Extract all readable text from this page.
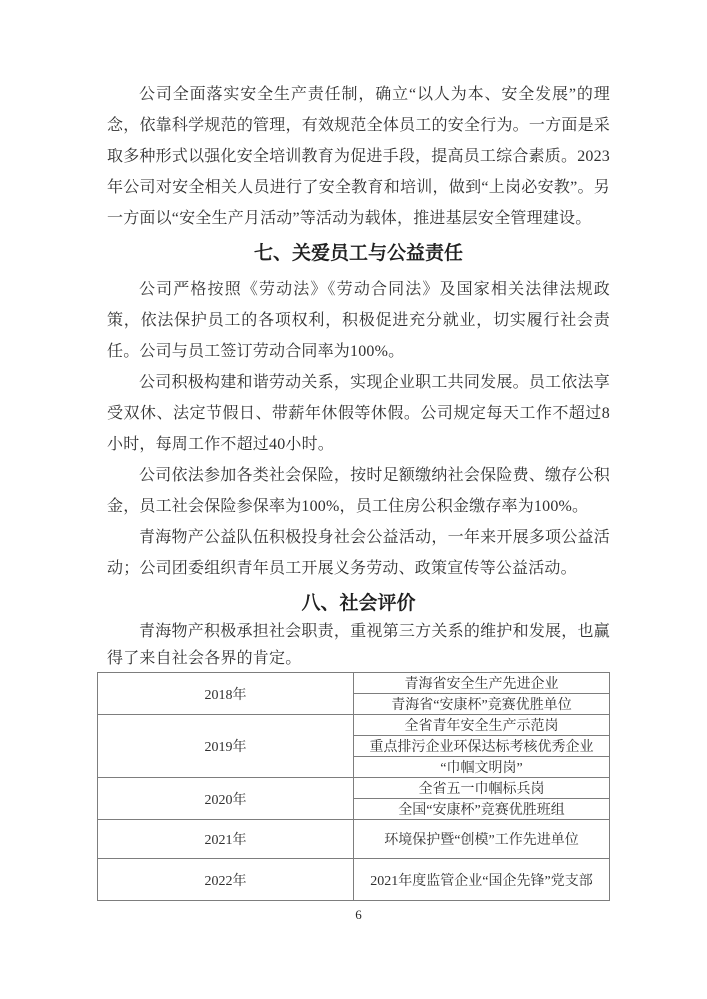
公司全面落实安全生产责任制，确立“以人为本、安全发展”的理念，依靠科学规范的管理，有效规范全体员工的安全行为。一方面是采取多种形式以强化安全培训教育为促进手段，提高员工综合素质。2023年公司对安全相关人员进行了安全教育和培训，做到“上岗必安教”。另一方面以“安全生产月活动”等活动为载体，推进基层安全管理建设。

七、关爱员工与公益责任

公司严格按照《劳动法》《劳动合同法》及国家相关法律法规政策，依法保护员工的各项权利，积极促进充分就业，切实履行社会责任。公司与员工签订劳动合同率为100%。

公司积极构建和谐劳动关系，实现企业职工共同发展。员工依法享受双休、法定节假日、带薪年休假等休假。公司规定每天工作不超过8小时，每周工作不超过40小时。

公司依法参加各类社会保险，按时足额缴纳社会保险费、缴存公积金，员工社会保险参保率为100%，员工住房公积金缴存率为100%。

青海物产公益队伍积极投身社会公益活动，一年来开展多项公益活动；公司团委组织青年员工开展义务劳动、政策宣传等公益活动。

八、社会评价

青海物产积极承担社会职责，重视第三方关系的维护和发展，也赢得了来自社会各界的肯定。

2018年	青海省安全生产先进企业
	青海省“安康杯”竞赛优胜单位
2019年	全省青年安全生产示范岗
	重点排污企业环保达标考核优秀企业
	“巾帼文明岗”
2020年	全省五一巾帼标兵岗
	全国“安康杯”竞赛优胜班组
2021年	环境保护暨“创模”工作先进单位
2022年	2021年度监管企业“国企先锋”党支部
6
